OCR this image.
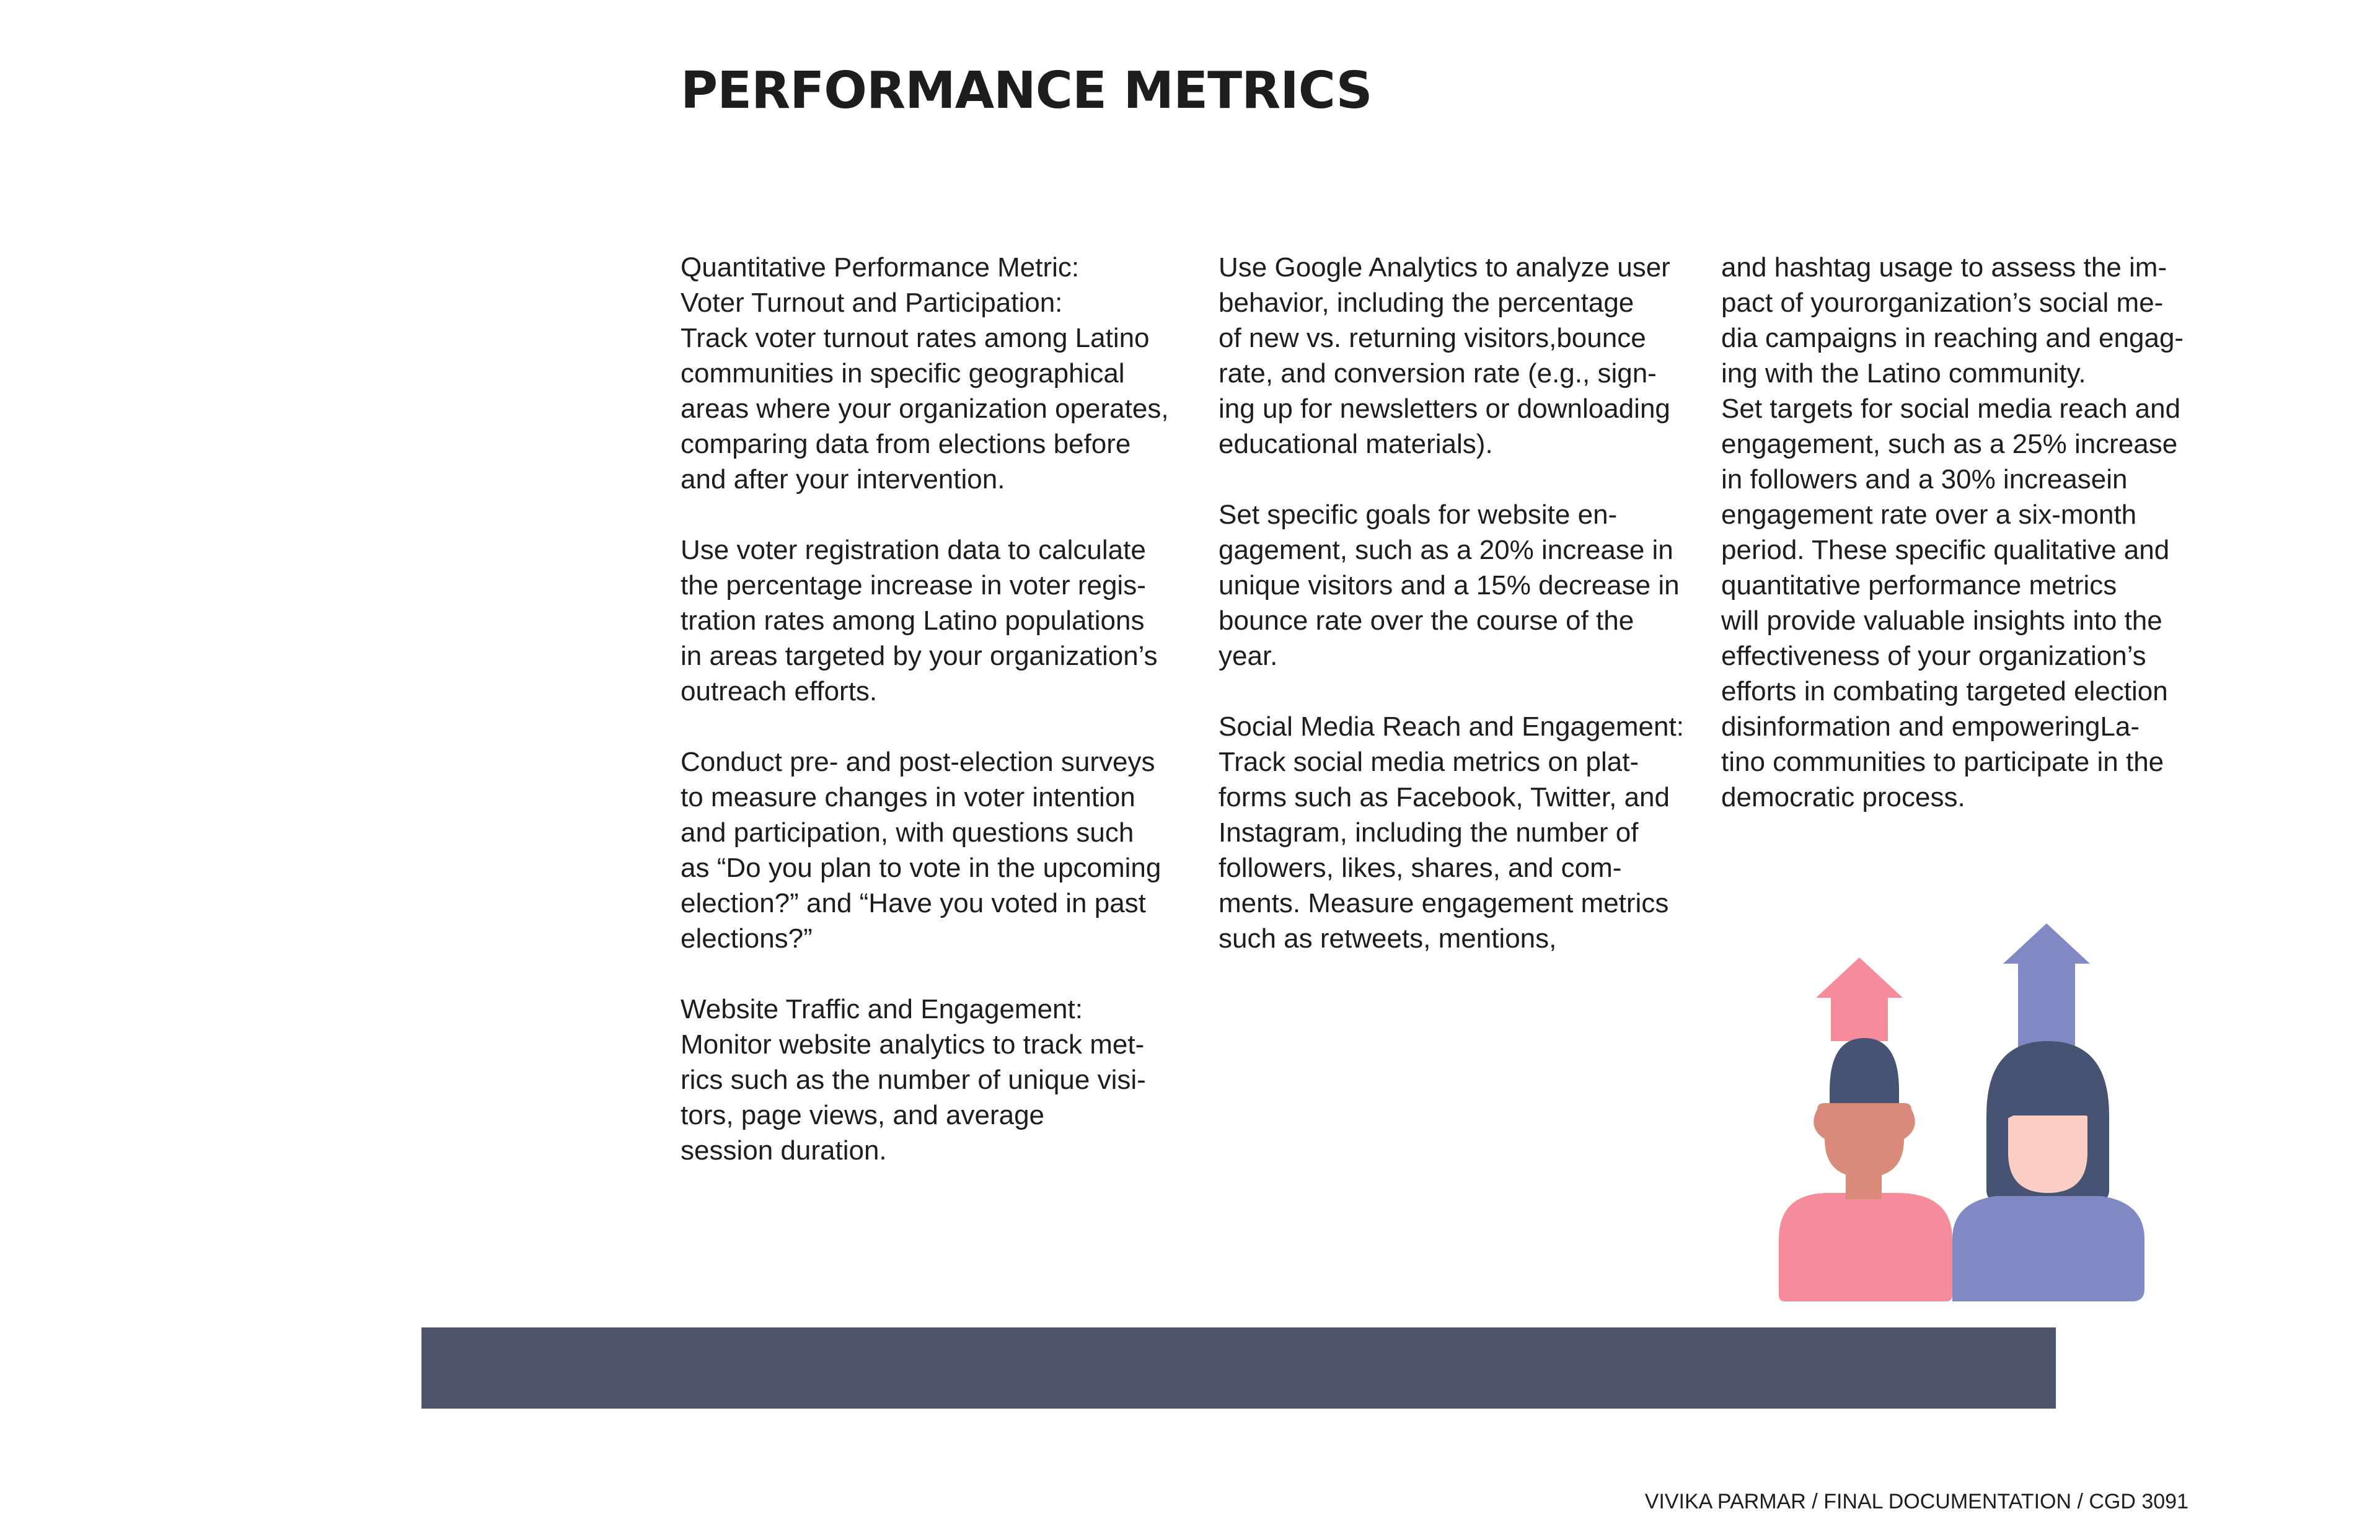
PERFORMANCE METRICS

Quantitative Performance Metric:
Voter Turnout and Participation:
Track voter turnout rates among Latino
communities in specific geographical
areas where your organization operates,
comparing data from elections before
and after your intervention.

Use voter registration data to calculate
the percentage increase in voter regis-
tration rates among Latino populations
in areas targeted by your organization’s
outreach efforts.

Conduct pre- and post-election surveys
to measure changes in voter intention
and participation, with questions such
as “Do you plan to vote in the upcoming
election?” and “Have you voted in past
elections?”

Website Traffic and Engagement:
Monitor website analytics to track met-
rics such as the number of unique visi-
tors, page views, and average
session duration.

Use Google Analytics to analyze user
behavior, including the percentage
of new vs. returning visitors,bounce
rate, and conversion rate (e.g., sign-
ing up for newsletters or downloading
educational materials).

Set specific goals for website en-
gagement, such as a 20% increase in
unique visitors and a 15% decrease in
bounce rate over the course of the
year.

Social Media Reach and Engagement:
Track social media metrics on plat-
forms such as Facebook, Twitter, and
Instagram, including the number of
followers, likes, shares, and com-
ments. Measure engagement metrics
such as retweets, mentions,

and hashtag usage to assess the im-
pact of yourorganization’s social me-
dia campaigns in reaching and engag-
ing with the Latino community.
Set targets for social media reach and
engagement, such as a 25% increase
in followers and a 30% increasein
engagement rate over a six-month
period. These specific qualitative and
quantitative performance metrics
will provide valuable insights into the
effectiveness of your organization’s
efforts in combating targeted election
disinformation and empoweringLa-
tino communities to participate in the
democratic process.

VIVIKA PARMAR / FINAL DOCUMENTATION / CGD 3091
